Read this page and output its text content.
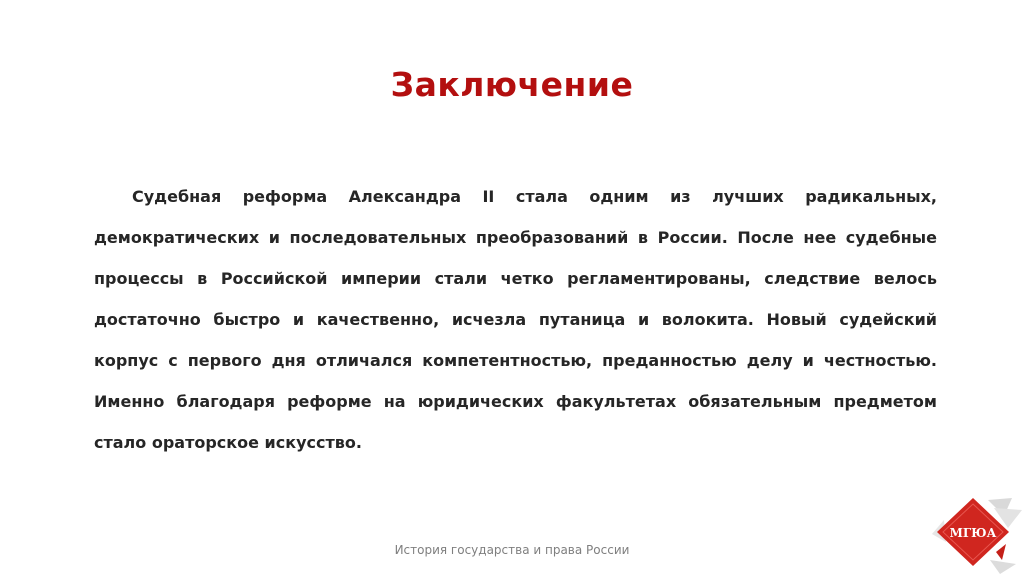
Заключение

Судебная реформа Александра II стала одним из лучших радикальных, демократических и последовательных преобразований в России. После нее судебные процессы в Российской империи стали четко регламентированы, следствие велось достаточно быстро и качественно, исчезла путаница и волокита. Новый судейский корпус с первого дня отличался компетентностью, преданностью делу и честностью. Именно благодаря реформе на юридических факультетах обязательным предметом стало ораторское искусство.

История государства и права России
МГЮА
